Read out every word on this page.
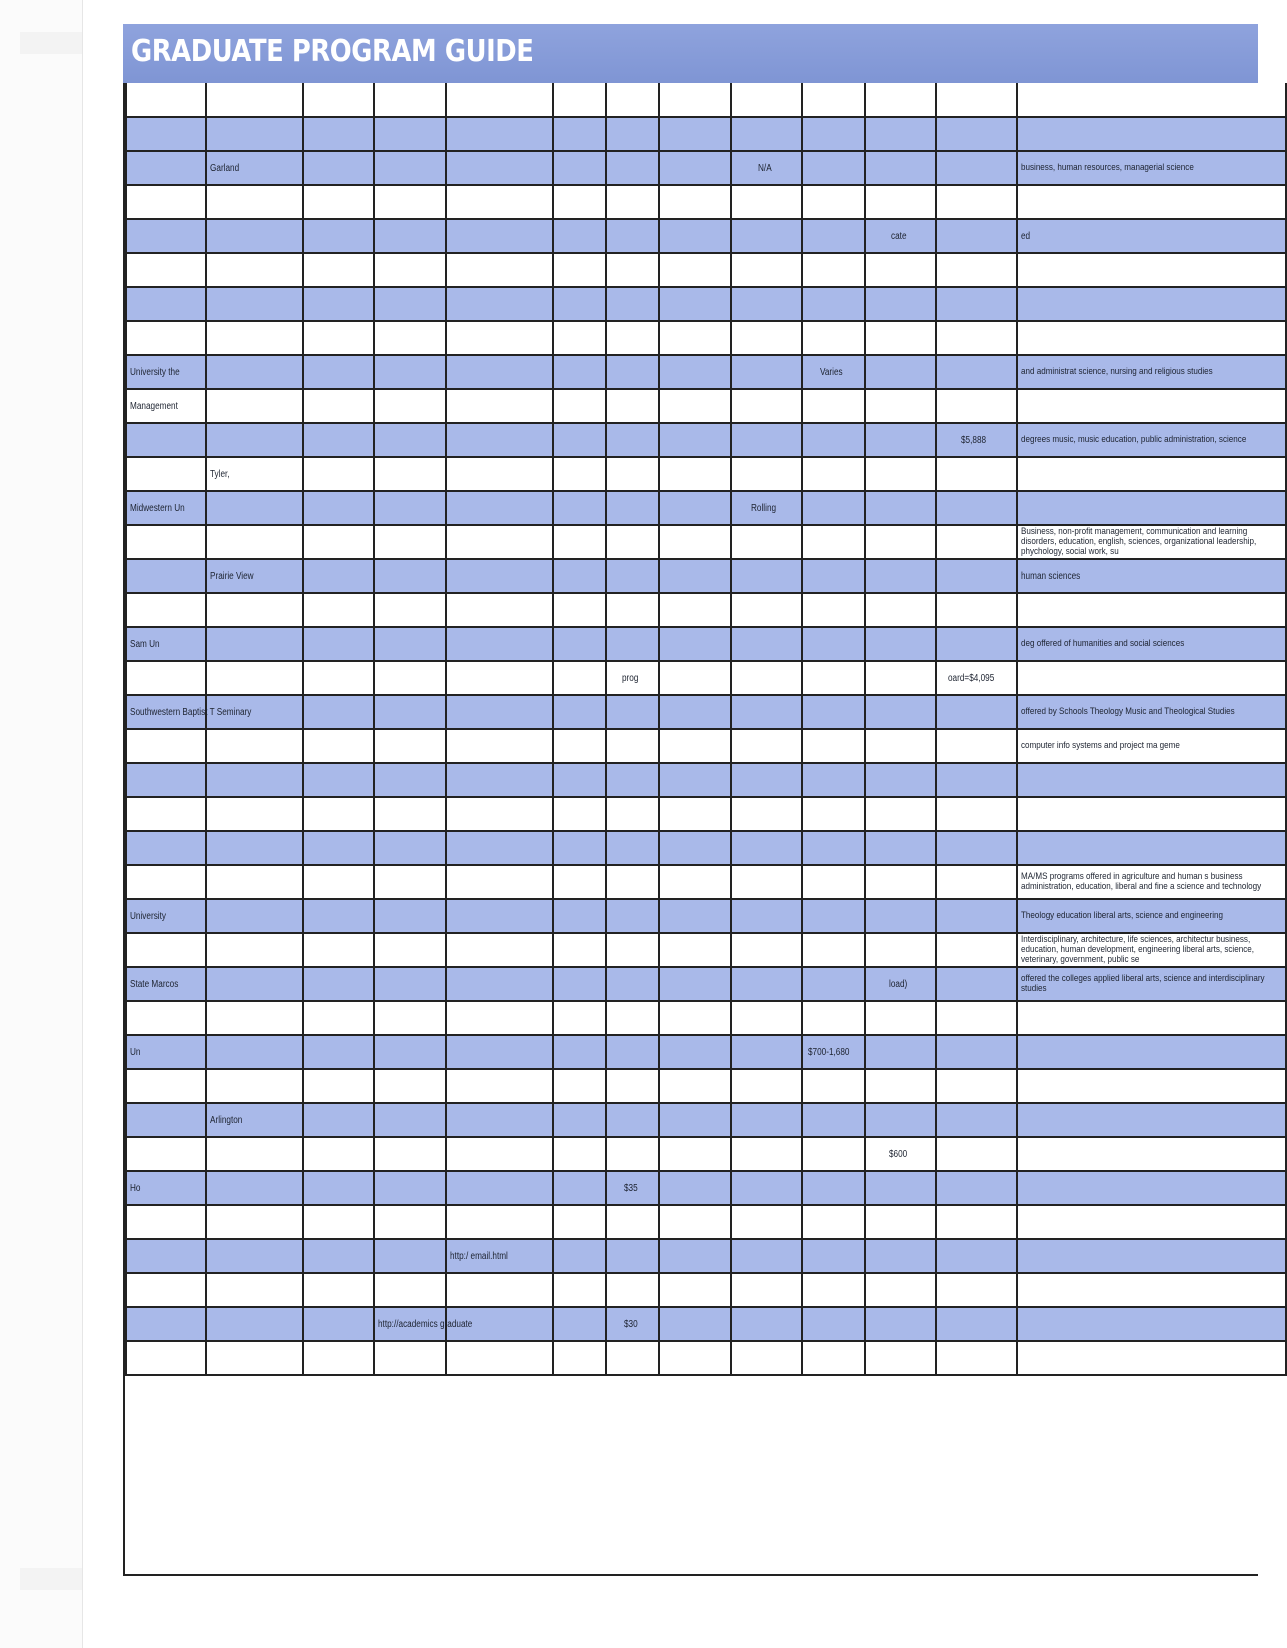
GRADUATE PROGRAM GUIDE

	Garland							N/A				business, human resources, managerial science

										cate		ed

University the									Varies			and administrat science, nursing and religious studies

Management												
											$5,888	degrees music, music education, public administration, science

	Tyler,											
Midwestern Un								Rolling				

												Business, non-profit management, communication and learning disorders, education, english, sciences, organizational leadership, phychology, social work, su

	Prairie View											human sciences

Sam Un												deg offered of humanities and social sciences

						prog					oard=$4,095	
Southwestern Baptist T Seminary												offered by Schools Theology Music and Theological Studies

												computer info systems and project ma geme

												MA/MS programs offered in agriculture and human s business administration, education, liberal and fine a science and technology

University												Theology education liberal arts, science and engineering

												Interdisciplinary, architecture, life sciences, architectur business, education, human development, engineering liberal arts, science, veterinary, government, public se

State Marcos										load)		offered the colleges applied liberal arts, science and interdisciplinary studies

Un									$700-1,680			

	Arlington											
										$600		
Ho						$35						

				http:/ email.html								

			http://academics graduate			$30						
